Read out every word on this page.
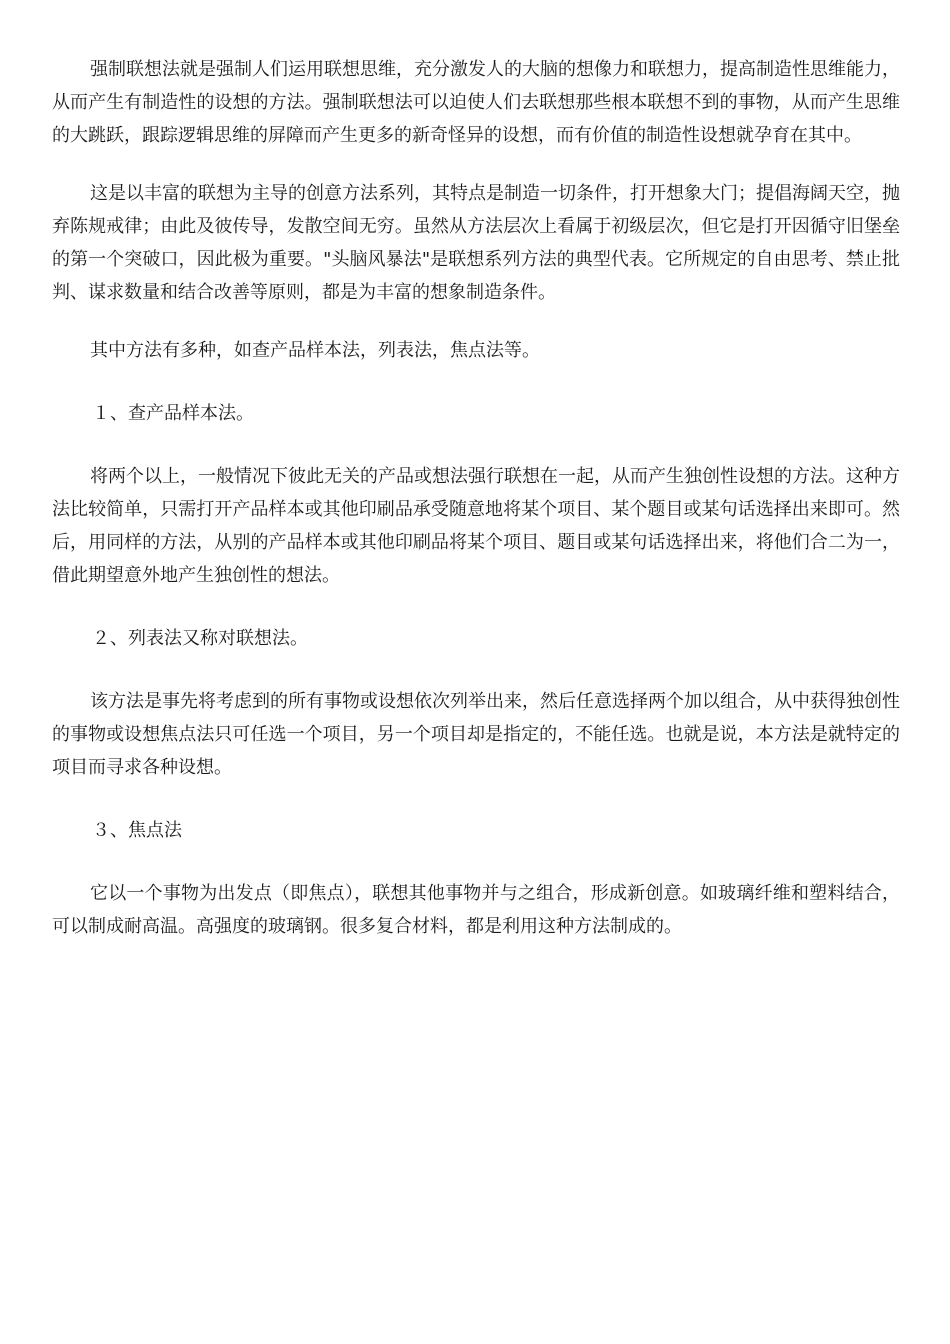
强制联想法就是强制人们运用联想思维，充分激发人的大脑的想像力和联想力，提高制造性思维能力，从而产生有制造性的设想的方法。强制联想法可以迫使人们去联想那些根本联想不到的事物，从而产生思维的大跳跃，跟踪逻辑思维的屏障而产生更多的新奇怪异的设想，而有价值的制造性设想就孕育在其中。

这是以丰富的联想为主导的创意方法系列，其特点是制造一切条件，打开想象大门；提倡海阔天空，抛弃陈规戒律；由此及彼传导，发散空间无穷。虽然从方法层次上看属于初级层次，但它是打开因循守旧堡垒的第一个突破口，因此极为重要。"头脑风暴法"是联想系列方法的典型代表。它所规定的自由思考、禁止批判、谋求数量和结合改善等原则，都是为丰富的想象制造条件。

其中方法有多种，如查产品样本法，列表法，焦点法等。

１、查产品样本法。

将两个以上，一般情况下彼此无关的产品或想法强行联想在一起，从而产生独创性设想的方法。这种方法比较简单，只需打开产品样本或其他印刷品承受随意地将某个项目、某个题目或某句话选择出来即可。然后，用同样的方法，从别的产品样本或其他印刷品将某个项目、题目或某句话选择出来，将他们合二为一，借此期望意外地产生独创性的想法。

２、列表法又称对联想法。

该方法是事先将考虑到的所有事物或设想依次列举出来，然后任意选择两个加以组合，从中获得独创性的事物或设想焦点法只可任选一个项目，另一个项目却是指定的，不能任选。也就是说，本方法是就特定的项目而寻求各种设想。

３、焦点法

它以一个事物为出发点（即焦点），联想其他事物并与之组合，形成新创意。如玻璃纤维和塑料结合，可以制成耐高温。高强度的玻璃钢。很多复合材料，都是利用这种方法制成的。
